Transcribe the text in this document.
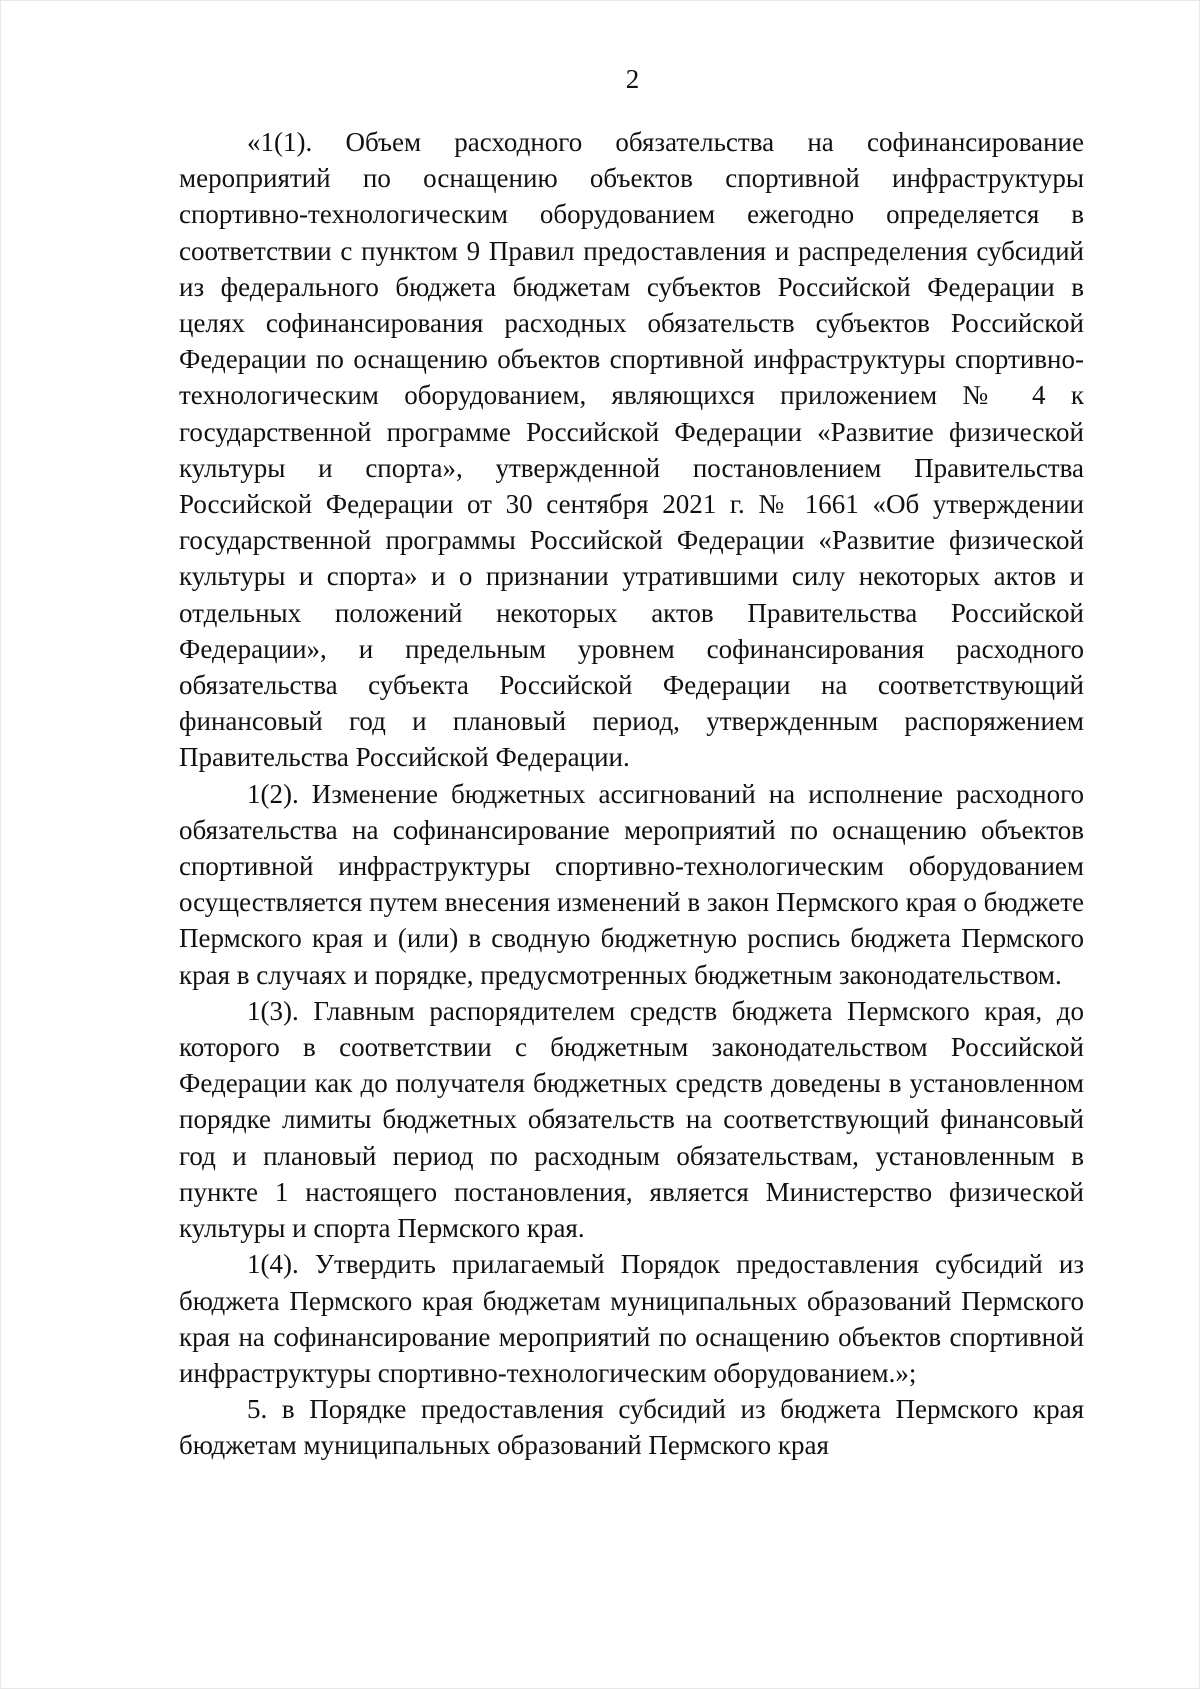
2

«1(1). Объем расходного обязательства на софинансирование мероприятий по оснащению объектов спортивной инфраструктуры спортивно-технологическим оборудованием ежегодно определяется в соответствии с пунктом 9 Правил предоставления и распределения субсидий из федерального бюджета бюджетам субъектов Российской Федерации в целях софинансирования расходных обязательств субъектов Российской Федерации по оснащению объектов спортивной инфраструктуры спортивно-технологическим оборудованием, являющихся приложением № 4 к государственной программе Российской Федерации «Развитие физической культуры и спорта», утвержденной постановлением Правительства Российской Федерации от 30 сентября 2021 г. № 1661 «Об утверждении государственной программы Российской Федерации «Развитие физической культуры и спорта» и о признании утратившими силу некоторых актов и отдельных положений некоторых актов Правительства Российской Федерации», и предельным уровнем софинансирования расходного обязательства субъекта Российской Федерации на соответствующий финансовый год и плановый период, утвержденным распоряжением Правительства Российской Федерации.

1(2). Изменение бюджетных ассигнований на исполнение расходного обязательства на софинансирование мероприятий по оснащению объектов спортивной инфраструктуры спортивно-технологическим оборудованием осуществляется путем внесения изменений в закон Пермского края о бюджете Пермского края и (или) в сводную бюджетную роспись бюджета Пермского края в случаях и порядке, предусмотренных бюджетным законодательством.

1(3). Главным распорядителем средств бюджета Пермского края, до которого в соответствии с бюджетным законодательством Российской Федерации как до получателя бюджетных средств доведены в установленном порядке лимиты бюджетных обязательств на соответствующий финансовый год и плановый период по расходным обязательствам, установленным в пункте 1 настоящего постановления, является Министерство физической культуры и спорта Пермского края.

1(4). Утвердить прилагаемый Порядок предоставления субсидий из бюджета Пермского края бюджетам муниципальных образований Пермского края на софинансирование мероприятий по оснащению объектов спортивной инфраструктуры спортивно-технологическим оборудованием.»;

5. в Порядке предоставления субсидий из бюджета Пермского края бюджетам муниципальных образований Пермского края
